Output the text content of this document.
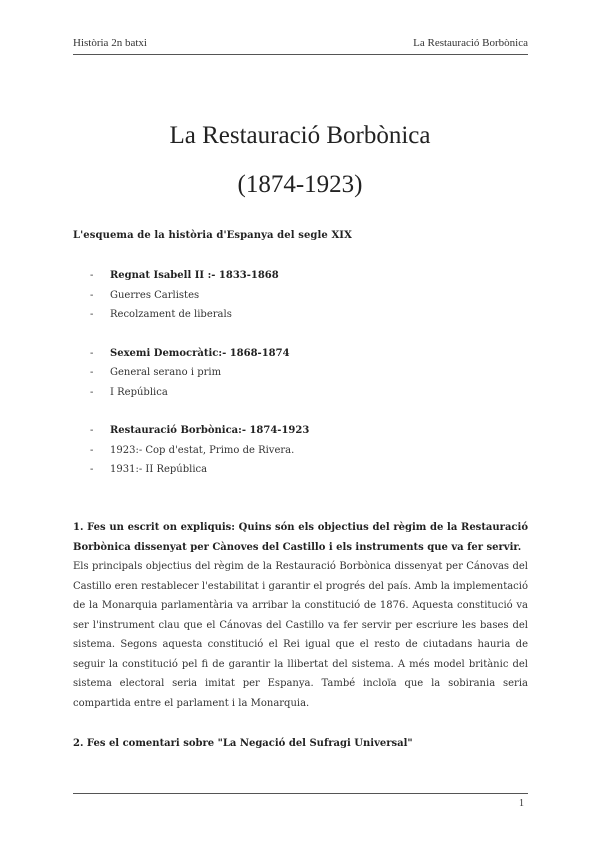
Història 2n batxi	La Restauració Borbònica
La Restauració Borbònica
(1874-1923)
L'esquema de la història d'Espanya del segle XIX
- Regnat Isabell II :- 1833-1868
- Guerres Carlistes
- Recolzament de liberals
- Sexemi Democràtic:- 1868-1874
- General serano i prim
- I República
- Restauració Borbònica:- 1874-1923
- 1923:- Cop d'estat, Primo de Rivera.
- 1931:- II República
1. Fes un escrit on expliquis: Quins són els objectius del règim de la Restauració Borbònica dissenyat per Cànoves del Castillo i els instruments que va fer servir.
Els principals objectius del règim de la Restauració Borbònica dissenyat per Cánovas del Castillo eren restablecer l'estabilitat i garantir el progrés del país. Amb la implementació de la Monarquia parlamentària va arribar la constitució de 1876. Aquesta constitució va ser l'instrument clau que el Cánovas del Castillo va fer servir per escriure les bases del sistema. Segons aquesta constitució el Rei igual que el resto de ciutadans hauria de seguir la constitució pel fi de garantir la llibertat del sistema. A més model britànic del sistema electoral seria imitat per Espanya. També incloïa que la sobirania seria compartida entre el parlament i la Monarquia.
2. Fes el comentari sobre "La Negació del Sufragi Universal"
1
